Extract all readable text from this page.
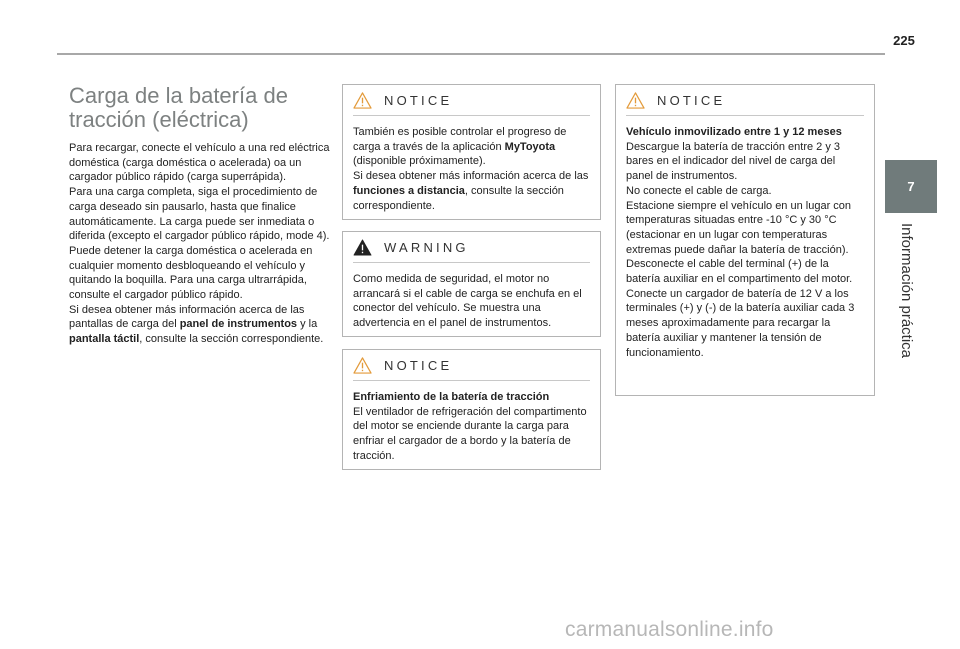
225
7
Información práctica
Carga de la batería de
tracción (eléctrica)

Para recargar, conecte el vehículo a una red eléctrica doméstica (carga doméstica o acelerada) oa un cargador público rápido (carga superrápida).

Para una carga completa, siga el procedimiento de carga deseado sin pausarlo, hasta que finalice automáticamente. La carga puede ser inmediata o diferida (excepto el cargador público rápido, mode 4).

Puede detener la carga doméstica o acelerada en cualquier momento desbloqueando el vehículo y quitando la boquilla. Para una carga ultrarrápida, consulte el cargador público rápido.

Si desea obtener más información acerca de las pantallas de carga del panel de instrumentos y la pantalla táctil, consulte la sección correspondiente.

NOTICE

También es posible controlar el progreso de carga a través de la aplicación MyToyota (disponible próximamente).

Si desea obtener más información acerca de las funciones a distancia, consulte la sección correspondiente.

WARNING

Como medida de seguridad, el motor no arrancará si el cable de carga se enchufa en el conector del vehículo. Se muestra una advertencia en el panel de instrumentos.

NOTICE

Enfriamiento de la batería de tracción

El ventilador de refrigeración del compartimento del motor se enciende durante la carga para enfriar el cargador de a bordo y la batería de tracción.

NOTICE

Vehículo inmovilizado entre 1 y 12 meses

Descargue la batería de tracción entre 2 y 3 bares en el indicador del nivel de carga del panel de instrumentos.

No conecte el cable de carga.

Estacione siempre el vehículo en un lugar con temperaturas situadas entre -10 °C y 30 °C (estacionar en un lugar con temperaturas extremas puede dañar la batería de tracción).

Desconecte el cable del terminal (+) de la batería auxiliar en el compartimento del motor.

Conecte un cargador de batería de 12 V a los terminales (+) y (-) de la batería auxiliar cada 3 meses aproximadamente para recargar la batería auxiliar y mantener la tensión de funcionamiento.

carmanualsonline.info
